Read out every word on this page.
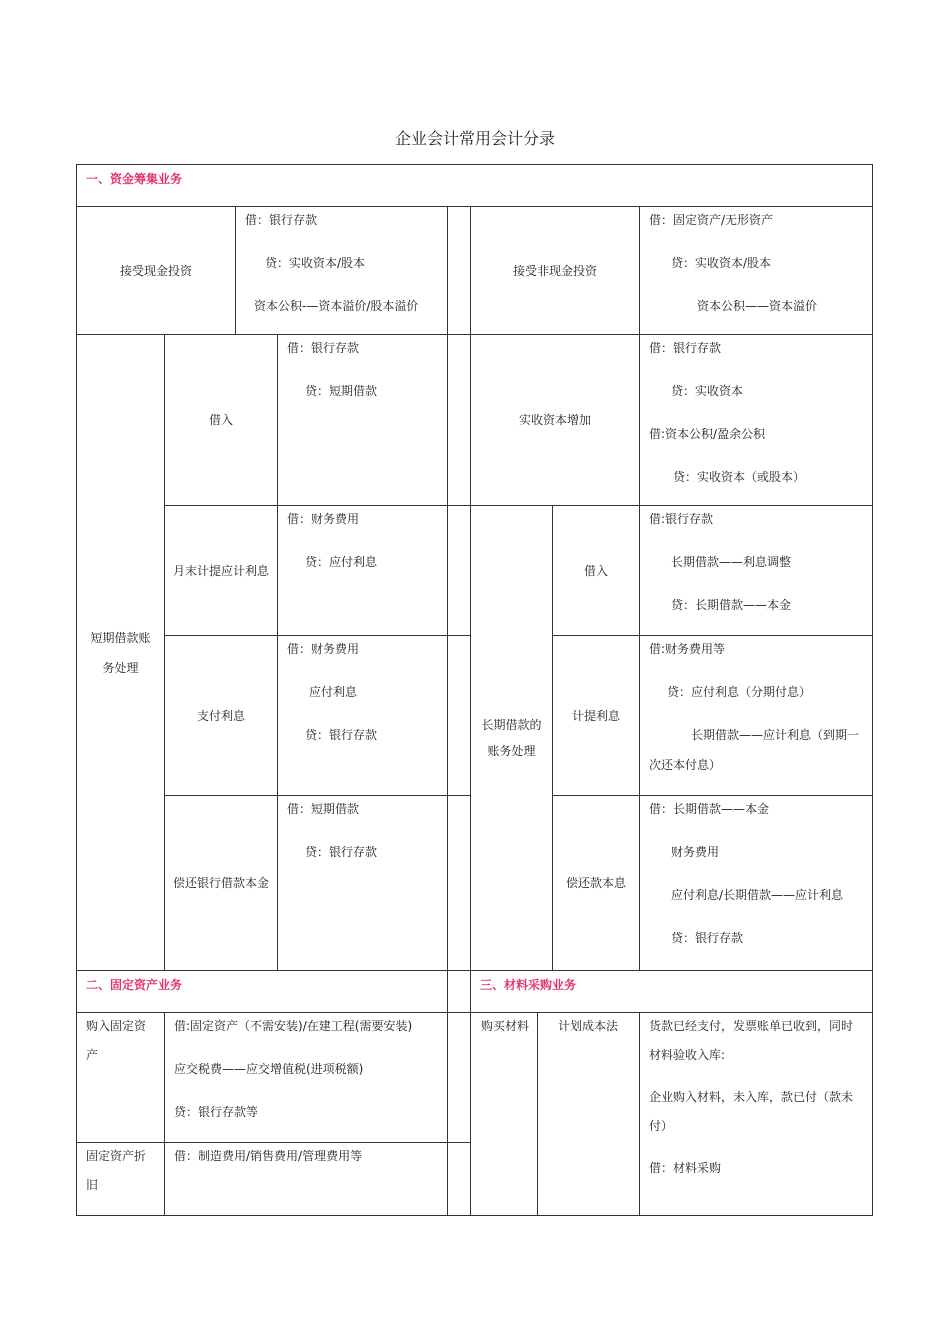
企业会计常用会计分录
一、资金筹集业务
接受现金投资
借：银行存款
贷：实收资本/股本
资本公积-—资本溢价/股本溢价
接受非现金投资
借：固定资产/无形资产
贷：实收资本/股本
资本公积——资本溢价
短期借款账务处理
借入
借：银行存款
贷：短期借款
月末计提应计利息
借：财务费用
贷：应付利息
支付利息
借：财务费用
应付利息
贷：银行存款
偿还银行借款本金
借：短期借款
贷：银行存款
实收资本增加
借：银行存款
贷：实收资本
借:资本公积/盈余公积
贷：实收资本（或股本）
长期借款的账务处理
借入
借:银行存款
长期借款——利息调整
贷：长期借款——本金
计提利息
借:财务费用等
贷：应付利息（分期付息）
长期借款——应计利息（到期一
次还本付息）
偿还款本息
借：长期借款——本金
财务费用
应付利息/长期借款——应计利息
贷：银行存款
二、固定资产业务	三、材料采购业务
购入固定资产
借:固定资产（不需安装)/在建工程(需要安装)
应交税费——应交增值税(进项税额)
贷：银行存款等
固定资产折旧
借：制造费用/销售费用/管理费用等
购买材料 计划成本法	货款已经支付，发票账单已收到，同时材料验收入库:
企业购入材料，未入库，款已付（款未付）
借：材料采购
